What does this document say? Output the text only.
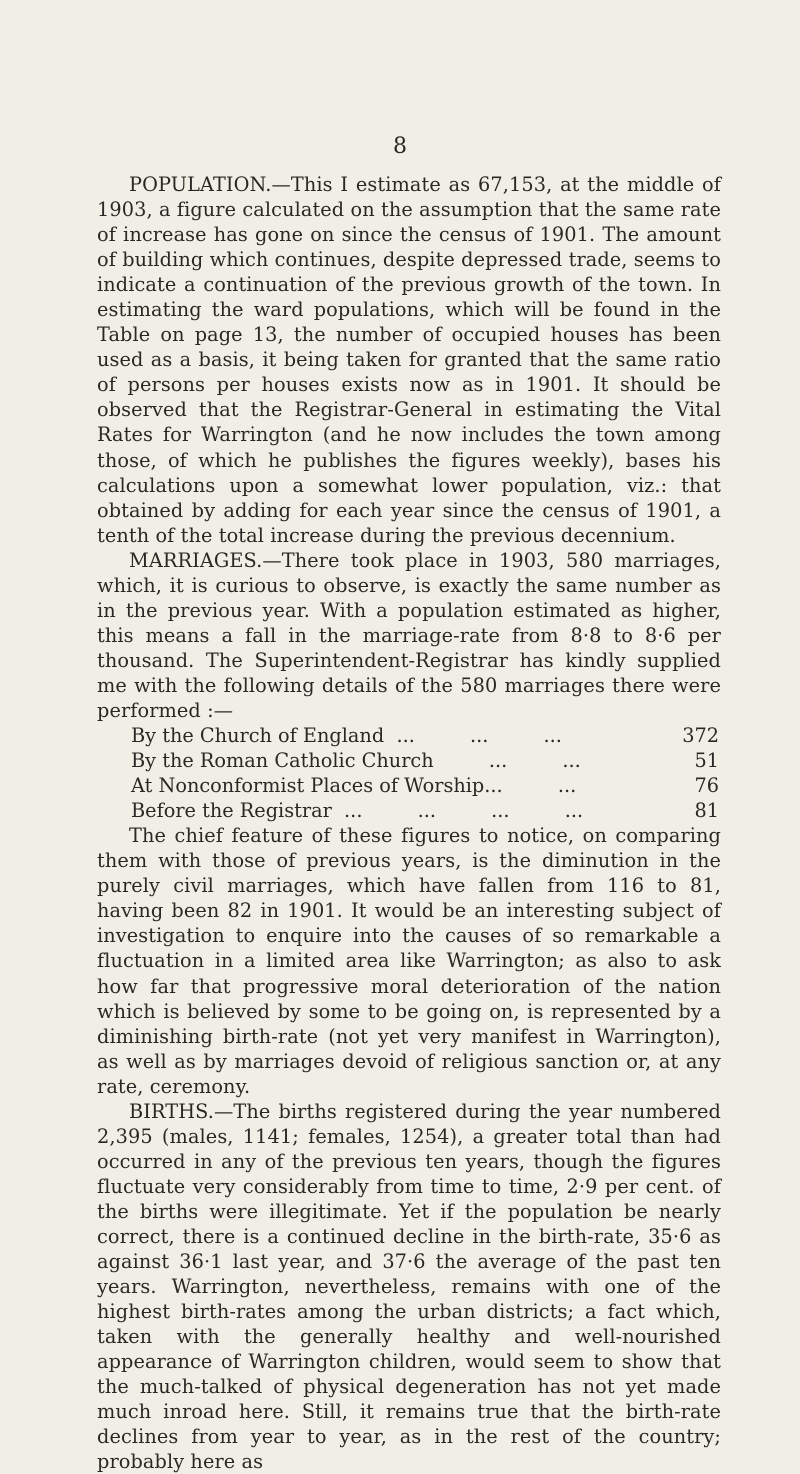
8

POPULATION.—This I estimate as 67,153, at the middle of 1903, a figure calculated on the assumption that the same rate of increase has gone on since the census of 1901. The amount of building which continues, despite depressed trade, seems to indicate a continuation of the previous growth of the town. In estimating the ward populations, which will be found in the Table on page 13, the number of occupied houses has been used as a basis, it being taken for granted that the same ratio of persons per houses exists now as in 1901. It should be observed that the Registrar-General in estimating the Vital Rates for Warrington (and he now includes the town among those, of which he publishes the figures weekly), bases his calculations upon a somewhat lower population, viz.: that obtained by adding for each year since the census of 1901, a tenth of the total increase during the previous decennium.

MARRIAGES.—There took place in 1903, 580 marriages, which, it is curious to observe, is exactly the same number as in the previous year. With a population estimated as higher, this means a fall in the marriage-rate from 8·8 to 8·6 per thousand. The Superintendent-Registrar has kindly supplied me with the following details of the 580 marriages there were performed :—

By the Church of England ...         ...         ...	372
By the Roman Catholic Church ...         ...	51
At Nonconformist Places of Worship ...         ...	76
Before the Registrar ...         ...         ...         ...	81

The chief feature of these figures to notice, on comparing them with those of previous years, is the diminution in the purely civil marriages, which have fallen from 116 to 81, having been 82 in 1901. It would be an interesting subject of investigation to enquire into the causes of so remarkable a fluctuation in a limited area like Warrington; as also to ask how far that progressive moral deterioration of the nation which is believed by some to be going on, is represented by a diminishing birth-rate (not yet very manifest in Warrington), as well as by marriages devoid of religious sanction or, at any rate, ceremony.

BIRTHS.—The births registered during the year numbered 2,395 (males, 1141; females, 1254), a greater total than had occurred in any of the previous ten years, though the figures fluctuate very considerably from time to time, 2·9 per cent. of the births were illegitimate. Yet if the population be nearly correct, there is a continued decline in the birth-rate, 35·6 as against 36·1 last year, and 37·6 the average of the past ten years. Warrington, nevertheless, remains with one of the highest birth-rates among the urban districts; a fact which, taken with the generally healthy and well-nourished appearance of Warrington children, would seem to show that the much-talked of physical degeneration has not yet made much inroad here. Still, it remains true that the birth-rate declines from year to year, as in the rest of the country; probably here as
